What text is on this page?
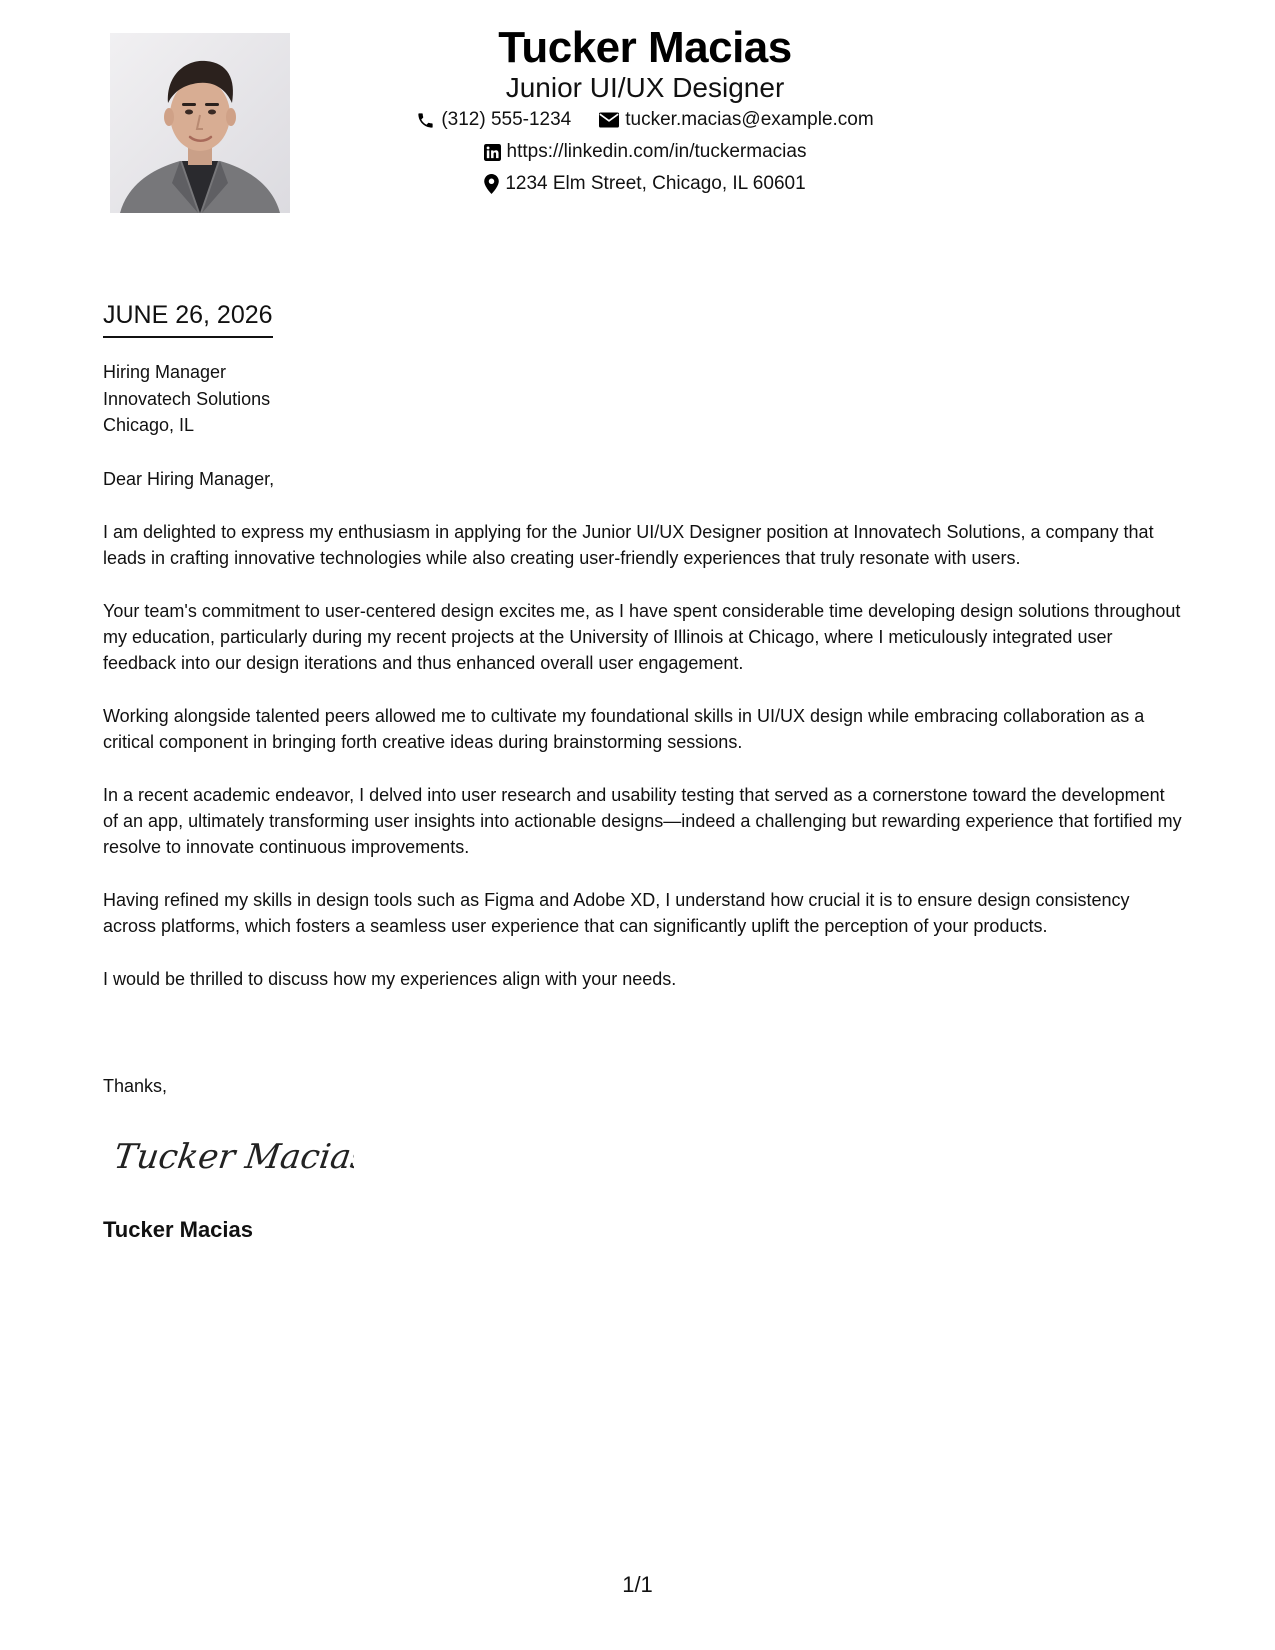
Tucker Macias
Junior UI/UX Designer
(312) 555-1234	tucker.macias@example.com
https://linkedin.com/in/tuckermacias
1234 Elm Street, Chicago, IL 60601
JUNE 26, 2026
Hiring Manager
Innovatech Solutions
Chicago, IL

Dear Hiring Manager,

I am delighted to express my enthusiasm in applying for the Junior UI/UX Designer position at Innovatech Solutions, a company that leads in crafting innovative technologies while also creating user-friendly experiences that truly resonate with users.

Your team's commitment to user-centered design excites me, as I have spent considerable time developing design solutions throughout my education, particularly during my recent projects at the University of Illinois at Chicago, where I meticulously integrated user feedback into our design iterations and thus enhanced overall user engagement.

Working alongside talented peers allowed me to cultivate my foundational skills in UI/UX design while embracing collaboration as a critical component in bringing forth creative ideas during brainstorming sessions.

In a recent academic endeavor, I delved into user research and usability testing that served as a cornerstone toward the development of an app, ultimately transforming user insights into actionable designs—indeed a challenging but rewarding experience that fortified my resolve to innovate continuous improvements.

Having refined my skills in design tools such as Figma and Adobe XD, I understand how crucial it is to ensure design consistency across platforms, which fosters a seamless user experience that can significantly uplift the perception of your products.

I would be thrilled to discuss how my experiences align with your needs.

Thanks,
Tucker Macias
Tucker Macias
1/1
